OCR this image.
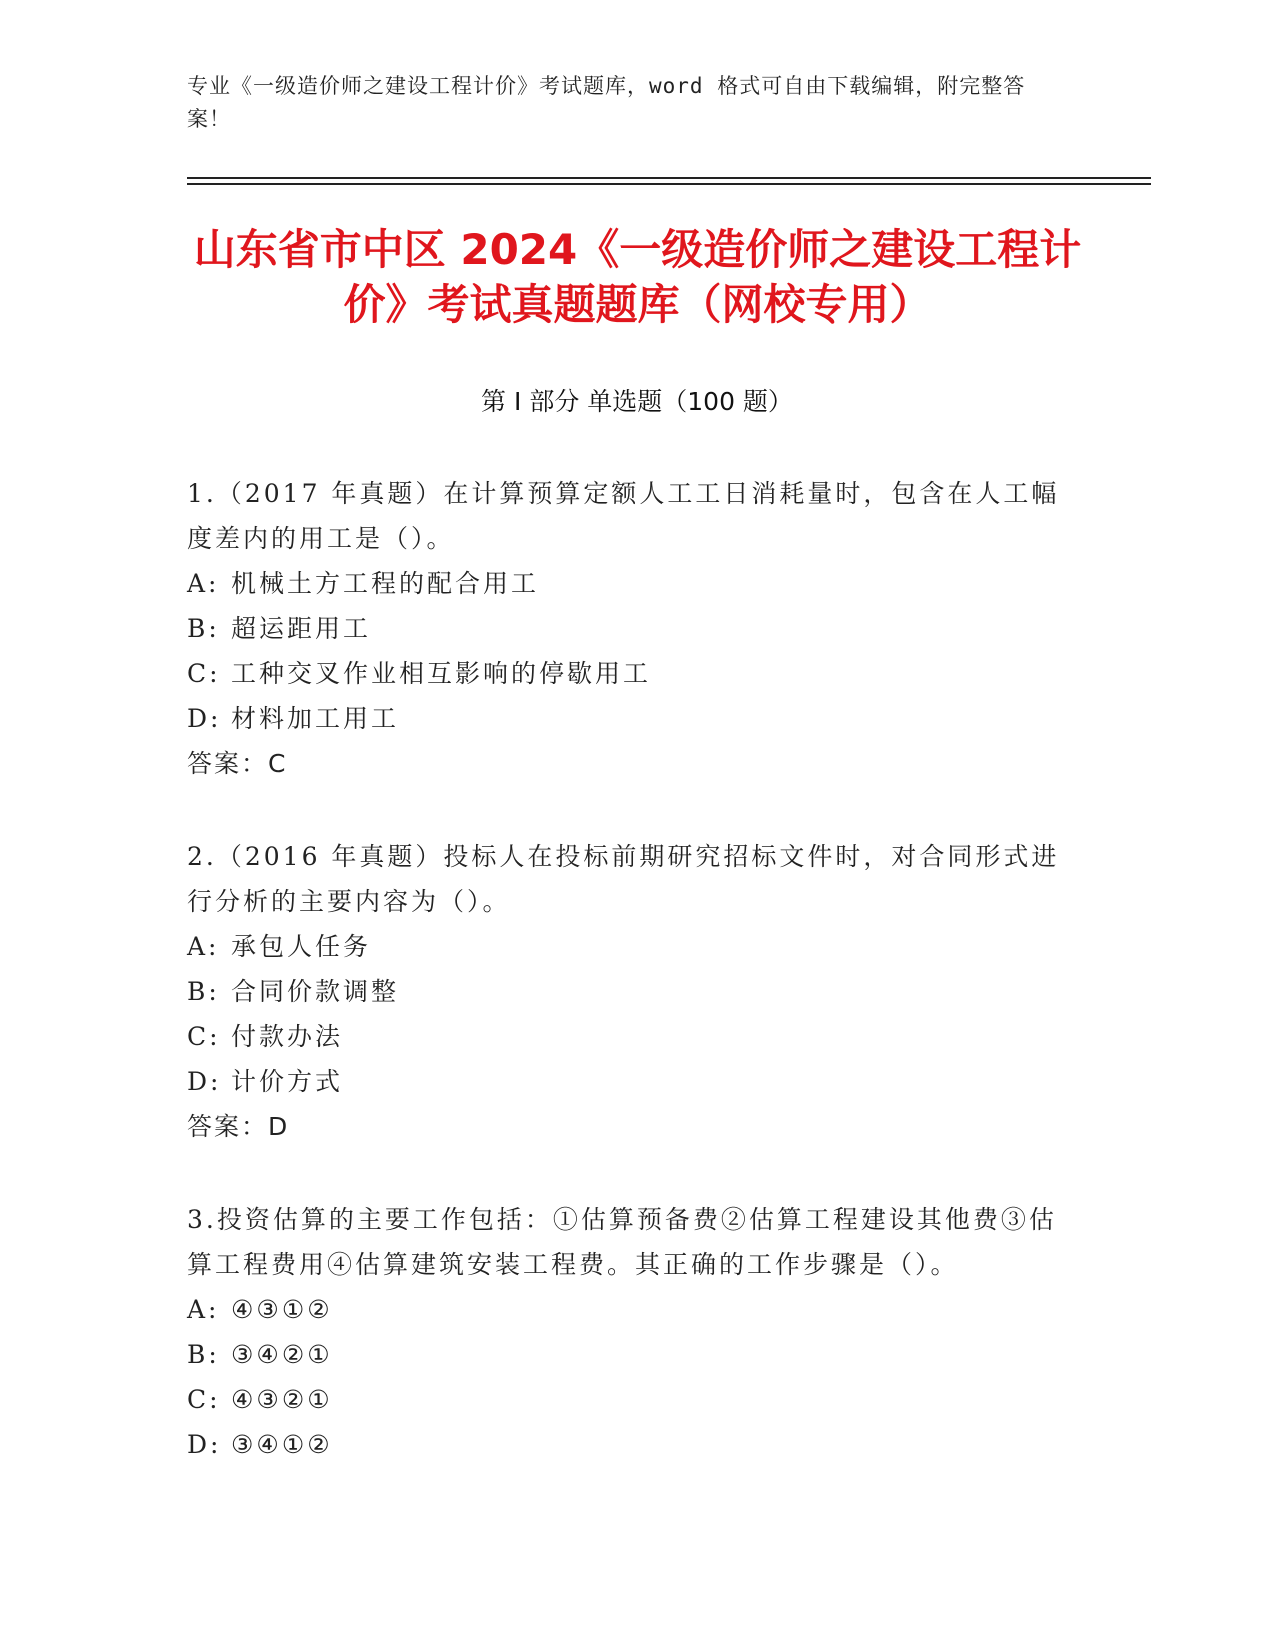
专业《一级造价师之建设工程计价》考试题库，word 格式可自由下载编辑，附完整答案！
山东省市中区 2024《一级造价师之建设工程计价》考试真题题库（网校专用）
第 I 部分 单选题（100 题）

1.（2017 年真题）在计算预算定额人工工日消耗量时，包含在人工幅度差内的用工是（）。

A: 机械土方工程的配合用工

B: 超运距用工

C: 工种交叉作业相互影响的停歇用工

D: 材料加工用工

答案：C

2.（2016 年真题）投标人在投标前期研究招标文件时，对合同形式进行分析的主要内容为（）。

A: 承包人任务

B: 合同价款调整

C: 付款办法

D: 计价方式

答案：D

3.投资估算的主要工作包括：①估算预备费②估算工程建设其他费③估算工程费用④估算建筑安装工程费。其正确的工作步骤是（）。

A: ④③①②

B: ③④②①

C: ④③②①

D: ③④①②
